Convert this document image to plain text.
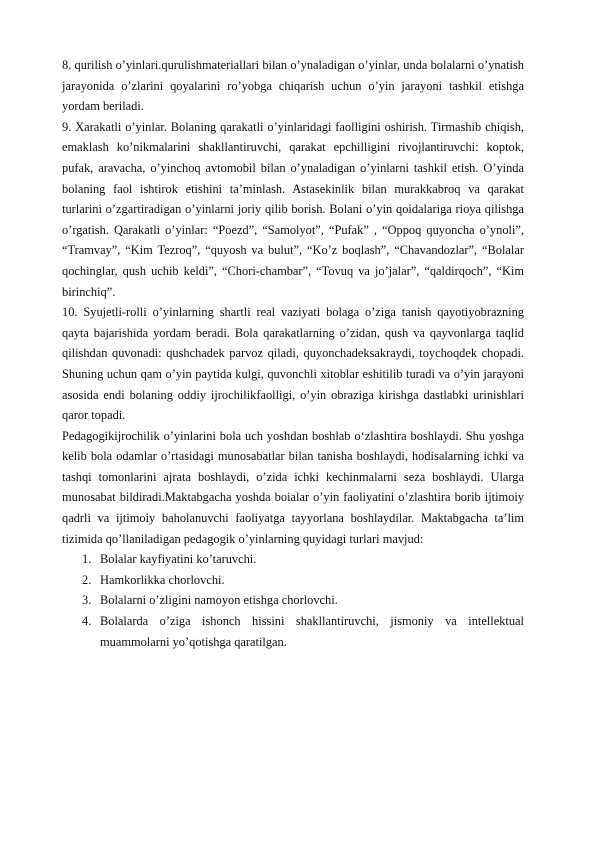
8. qurilish o’yinlari.qurulishmateriallari bilan o’ynaladigan o’yinlar, unda bolalarni o’ynatish jarayonida o’zlarini qoyalarini ro’yobga chiqarish uchun o’yin jarayoni tashkil etishga yordam beriladi.

9. Xarakatli o’yinlar. Bolaning qarakatli o’yinlaridagi faolligini oshirish. Tirmashib chiqish, emaklash ko’nikmalarini shakllantiruvchi, qarakat epchilligini rivojlantiruvchi: koptok, pufak, aravacha, o’yinchoq avtomobil bilan o’ynaladigan o’yinlarni tashkil etish. O’yinda bolaning faol ishtirok etishini ta’minlash. Astasekinlik bilan murakkabroq va qarakat turlarini o’zgartiradigan o’yinlarni joriy qilib borish. Bolani o’yin qoidalariga rioya qilishga o’rgatish. Qarakatli o’yinlar: “Poezd”, “Samolyot”, “Pufak” , “Oppoq quyoncha o’ynoli”, “Tramvay”, “Kim Tezroq”, “quyosh va bulut”, “Ko’z boqlash”, “Chavandozlar”, “Bolalar qochinglar, qush uchib keldi”, “Chori-chambar”, “Tovuq va jo’jalar”, “qaldirqoch”, “Kim birinchiq”.

10. Syujetli-rolli o’yinlarning shartli real vaziyati bolaga o’ziga tanish qayotiyobrazning qayta bajarishida yordam beradi. Bola qarakatlarning o’zidan, qush va qayvonlarga taqlid qilishdan quvonadi: qushchadek parvoz qiladi, quyonchadeksakraydi, toychoqdek chopadi. Shuning uchun qam o’yin paytida kulgi, quvonchli xitoblar eshitilib turadi va o’yin jarayoni asosida endi bolaning oddiy ijrochilikfaolligi, o’yin obraziga kirishga dastlabki urinishlari qaror topadi.

Pedagogikijrochilik o’yinlarini bola uch yoshdan boshlab o‘zlashtira boshlaydi. Shu yoshga kelib bola odamlar o’rtasidagi munosabatlar bilan tanisha boshlaydi, hodisalarning ichki va tashqi tomonlarini ajrata boshlaydi, o’zida ichki kechinmalarni seza boshlaydi. Ularga munosabat bildiradi.Maktabgacha yoshda boialar o’yin faoliyatini o’zlashtira borib ijtimoiy qadrli va ijtimoiy baholanuvchi faoliyatga tayyorlana boshlaydilar. Maktabgacha ta’lim tizimida qo’llaniladigan pedagogik o’yinlarning quyidagi turlari mavjud:

1. Bolalar kayfiyatini ko’taruvchi.
2. Hamkorlikka chorlovchi.
3. Bolalarni o’zligini namoyon etishga chorlovchi.
4. Bolalarda o’ziga ishonch hissini shakllantiruvchi, jismoniy va intellektual muammolarni yo’qotishga qaratilgan.
